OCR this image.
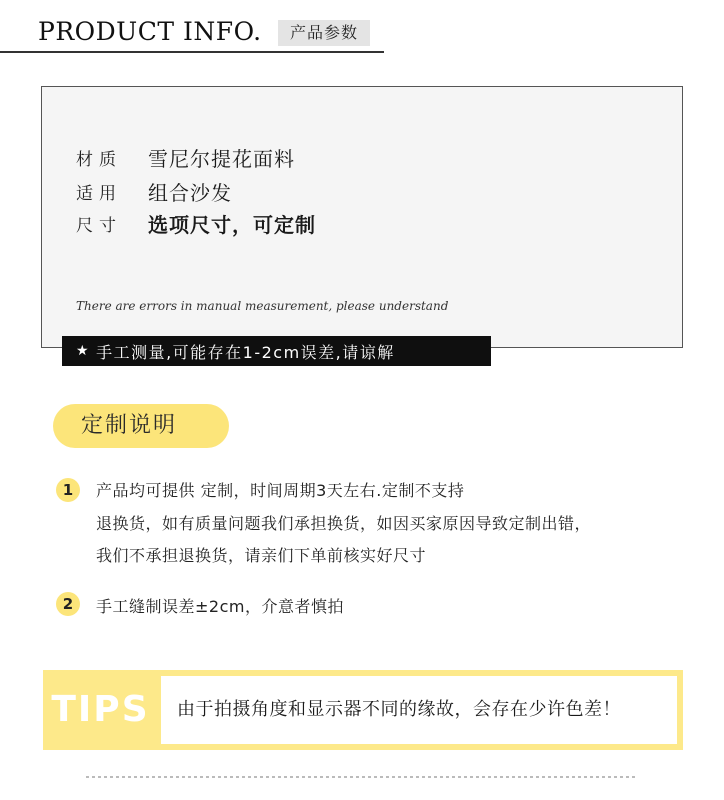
PRODUCT INFO.	产品参数
材质	雪尼尔提花面料
适用	组合沙发
尺寸	选项尺寸，可定制
There are errors in manual measurement, please understand
★ 手工测量,可能存在1-2cm误差,请谅解
定制说明
1	产品均可提供 定制，时间周期3天左右.定制不支持
退换货，如有质量问题我们承担换货，如因买家原因导致定制出错，
我们不承担退换货，请亲们下单前核实好尺寸
2	手工缝制误差±2cm，介意者慎拍
TIPS	由于拍摄角度和显示器不同的缘故，会存在少许色差！
